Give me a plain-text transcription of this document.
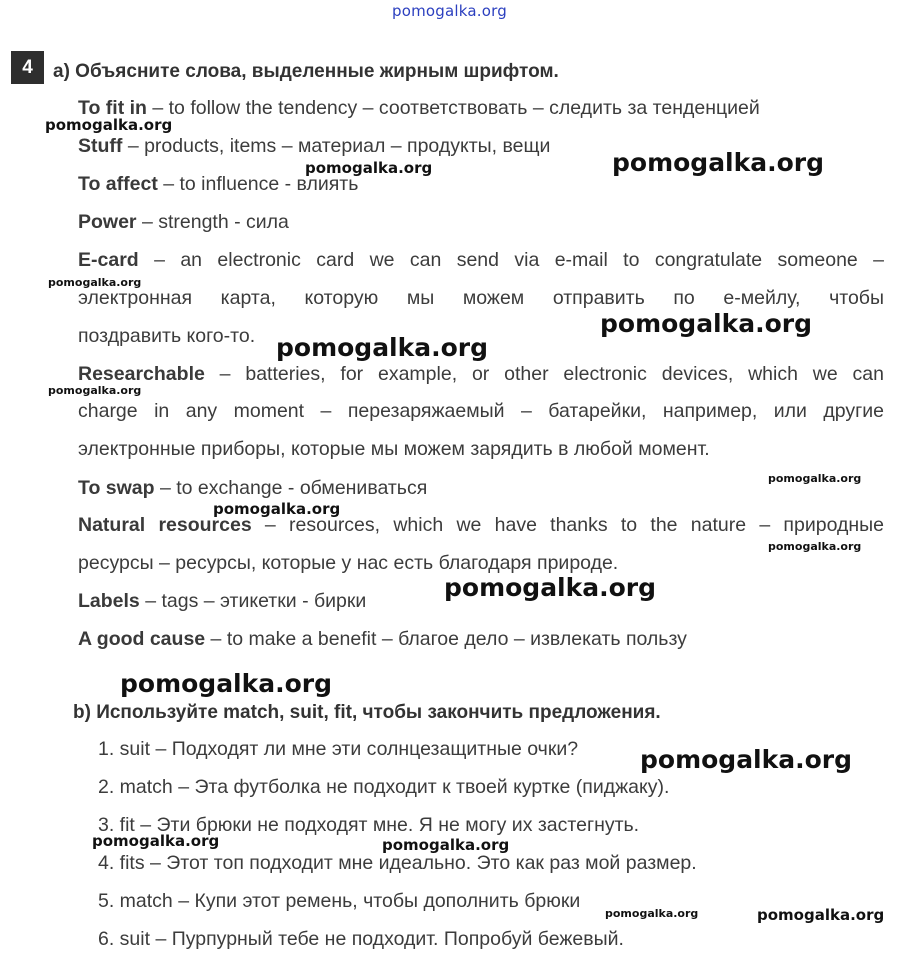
pomogalka.org
4	a) Объясните слова, выделенные жирным шрифтом.
To fit in – to follow the tendency – соответствовать – следить за тенденцией
Stuff – products, items – материал – продукты, вещи
To affect – to influence - влиять
Power – strength - сила
E-card – an electronic card we can send via e-mail to congratulate someone –
электронная карта, которую мы можем отправить по е-мейлу, чтобы
поздравить кого-то.
Researchable – batteries, for example, or other electronic devices, which we can
charge in any moment – перезаряжаемый – батарейки, например, или другие
электронные приборы, которые мы можем зарядить в любой момент.
To swap – to exchange - обмениваться
Natural resources – resources, which we have thanks to the nature – природные
ресурсы – ресурсы, которые у нас есть благодаря природе.
Labels – tags – этикетки - бирки
A good cause – to make a benefit – благое дело – извлекать пользу
b) Используйте match, suit, fit, чтобы закончить предложения.
1. suit – Подходят ли мне эти солнцезащитные очки?
2. match – Эта футболка не подходит к твоей куртке (пиджаку).
3. fit – Эти брюки не подходят мне. Я не могу их застегнуть.
4. fits – Этот топ подходит мне идеально. Это как раз мой размер.
5. match – Купи этот ремень, чтобы дополнить брюки
6. suit – Пурпурный тебе не подходит. Попробуй бежевый.
pomogalka.org
pomogalka.org	pomogalka.org
pomogalka.org
pomogalka.org
pomogalka.org
pomogalka.org
pomogalka.org
pomogalka.org
pomogalka.org
pomogalka.org
pomogalka.org
pomogalka.org
pomogalka.org	pomogalka.org
pomogalka.org	pomogalka.org
